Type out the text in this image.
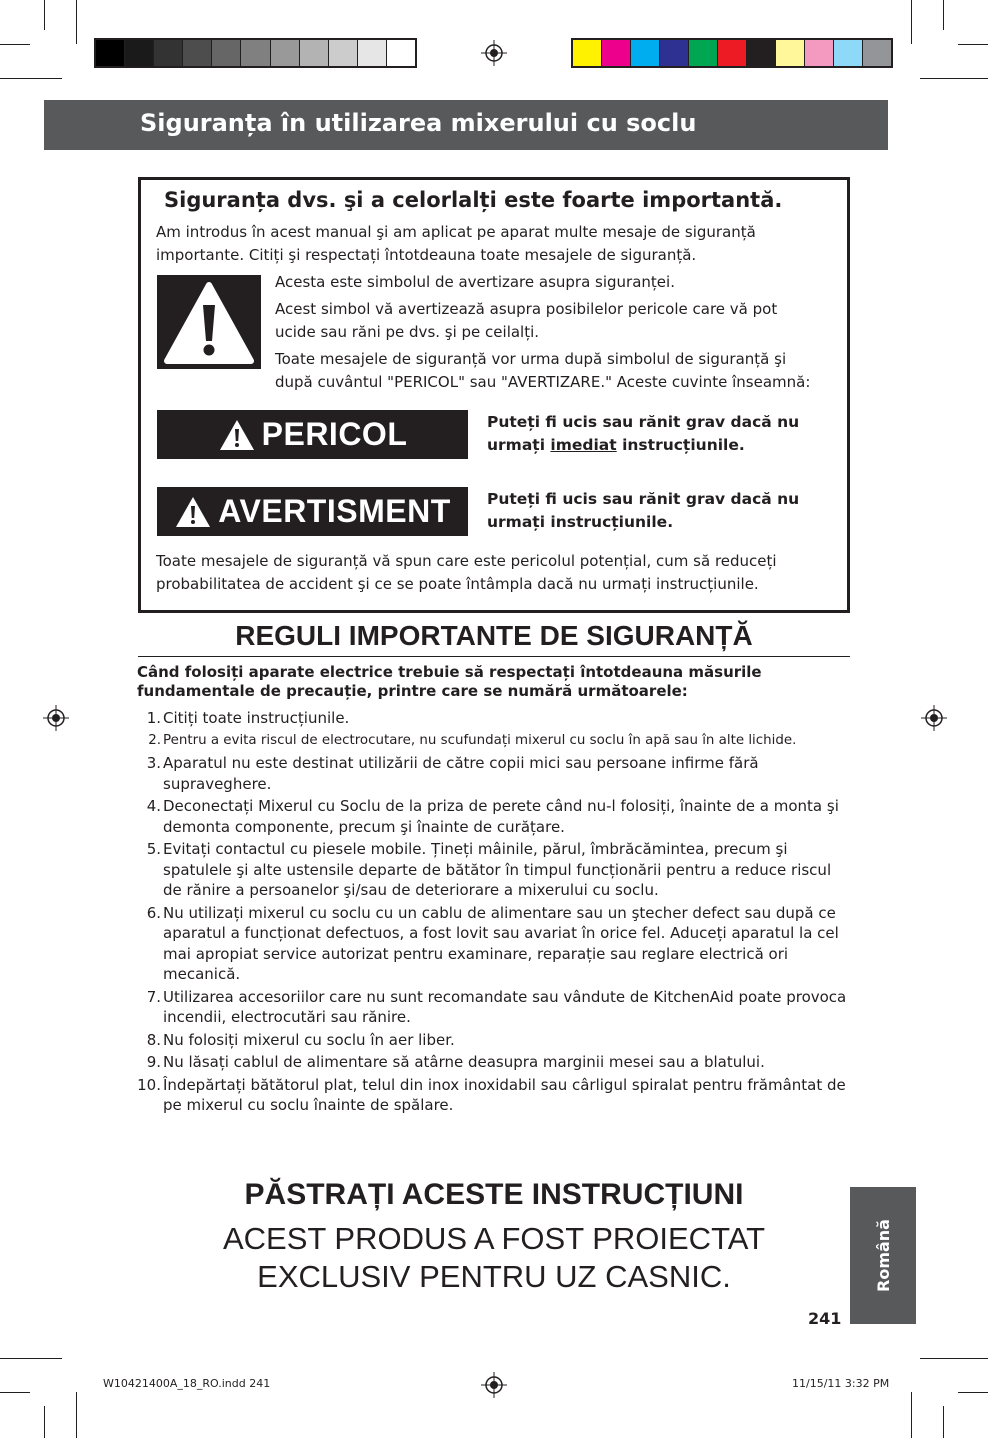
Siguranța în utilizarea mixerului cu soclu
Siguranța dvs. şi a celorlalți este foarte importantă.
Am introdus în acest manual şi am aplicat pe aparat multe mesaje de siguranță importante. Citiți şi respectați întotdeauna toate mesajele de siguranță.
Acesta este simbolul de avertizare asupra siguranței.
Acest simbol vă avertizează asupra posibilelor pericole care vă pot ucide sau răni pe dvs. şi pe ceilalți.
Toate mesajele de siguranță vor urma după simbolul de siguranță şi după cuvântul "PERICOL" sau "AVERTIZARE." Aceste cuvinte înseamnă:
PERICOL	Puteți fi ucis sau rănit grav dacă nu urmați imediat instrucțiunile.
AVERTISMENT Puteți fi ucis sau rănit grav dacă nu urmați instrucțiunile.
Toate mesajele de siguranță vă spun care este pericolul potențial, cum să reduceți probabilitatea de accident şi ce se poate întâmpla dacă nu urmați instrucțiunile.
REGULI IMPORTANTE DE SIGURANȚĂ
Când folosiți aparate electrice trebuie să respectați întotdeauna măsurile fundamentale de precauție, printre care se numără următoarele:
1. Citiți toate instrucțiunile.
2. Pentru a evita riscul de electrocutare, nu scufundați mixerul cu soclu în apă sau în alte lichide.
3. Aparatul nu este destinat utilizării de către copii mici sau persoane infirme fără supraveghere.
4. Deconectați Mixerul cu Soclu de la priza de perete când nu-l folosiți, înainte de a monta şi demonta componente, precum şi înainte de curățare.
5. Evitați contactul cu piesele mobile. Țineți mâinile, părul, îmbrăcămintea, precum şi spatulele şi alte ustensile departe de bătător în timpul funcționării pentru a reduce riscul de rănire a persoanelor şi/sau de deteriorare a mixerului cu soclu.
6. Nu utilizați mixerul cu soclu cu un cablu de alimentare sau un ştecher defect sau după ce aparatul a funcționat defectuos, a fost lovit sau avariat în orice fel. Aduceți aparatul la cel mai apropiat service autorizat pentru examinare, reparație sau reglare electrică ori mecanică.
7. Utilizarea accesoriilor care nu sunt recomandate sau vândute de KitchenAid poate provoca incendii, electrocutări sau rănire.
8. Nu folosiți mixerul cu soclu în aer liber.
9. Nu lăsați cablul de alimentare să atârne deasupra marginii mesei sau a blatului.
10. Îndepărtați bătătorul plat, telul din inox inoxidabil sau cârligul spiralat pentru frământat de pe mixerul cu soclu înainte de spălare.
PĂSTRAȚI ACESTE INSTRUCȚIUNI
ACEST PRODUS A FOST PROIECTAT
EXCLUSIV PENTRU UZ CASNIC.
241
Română
W10421400A_18_RO.indd 241	11/15/11 3:32 PM
